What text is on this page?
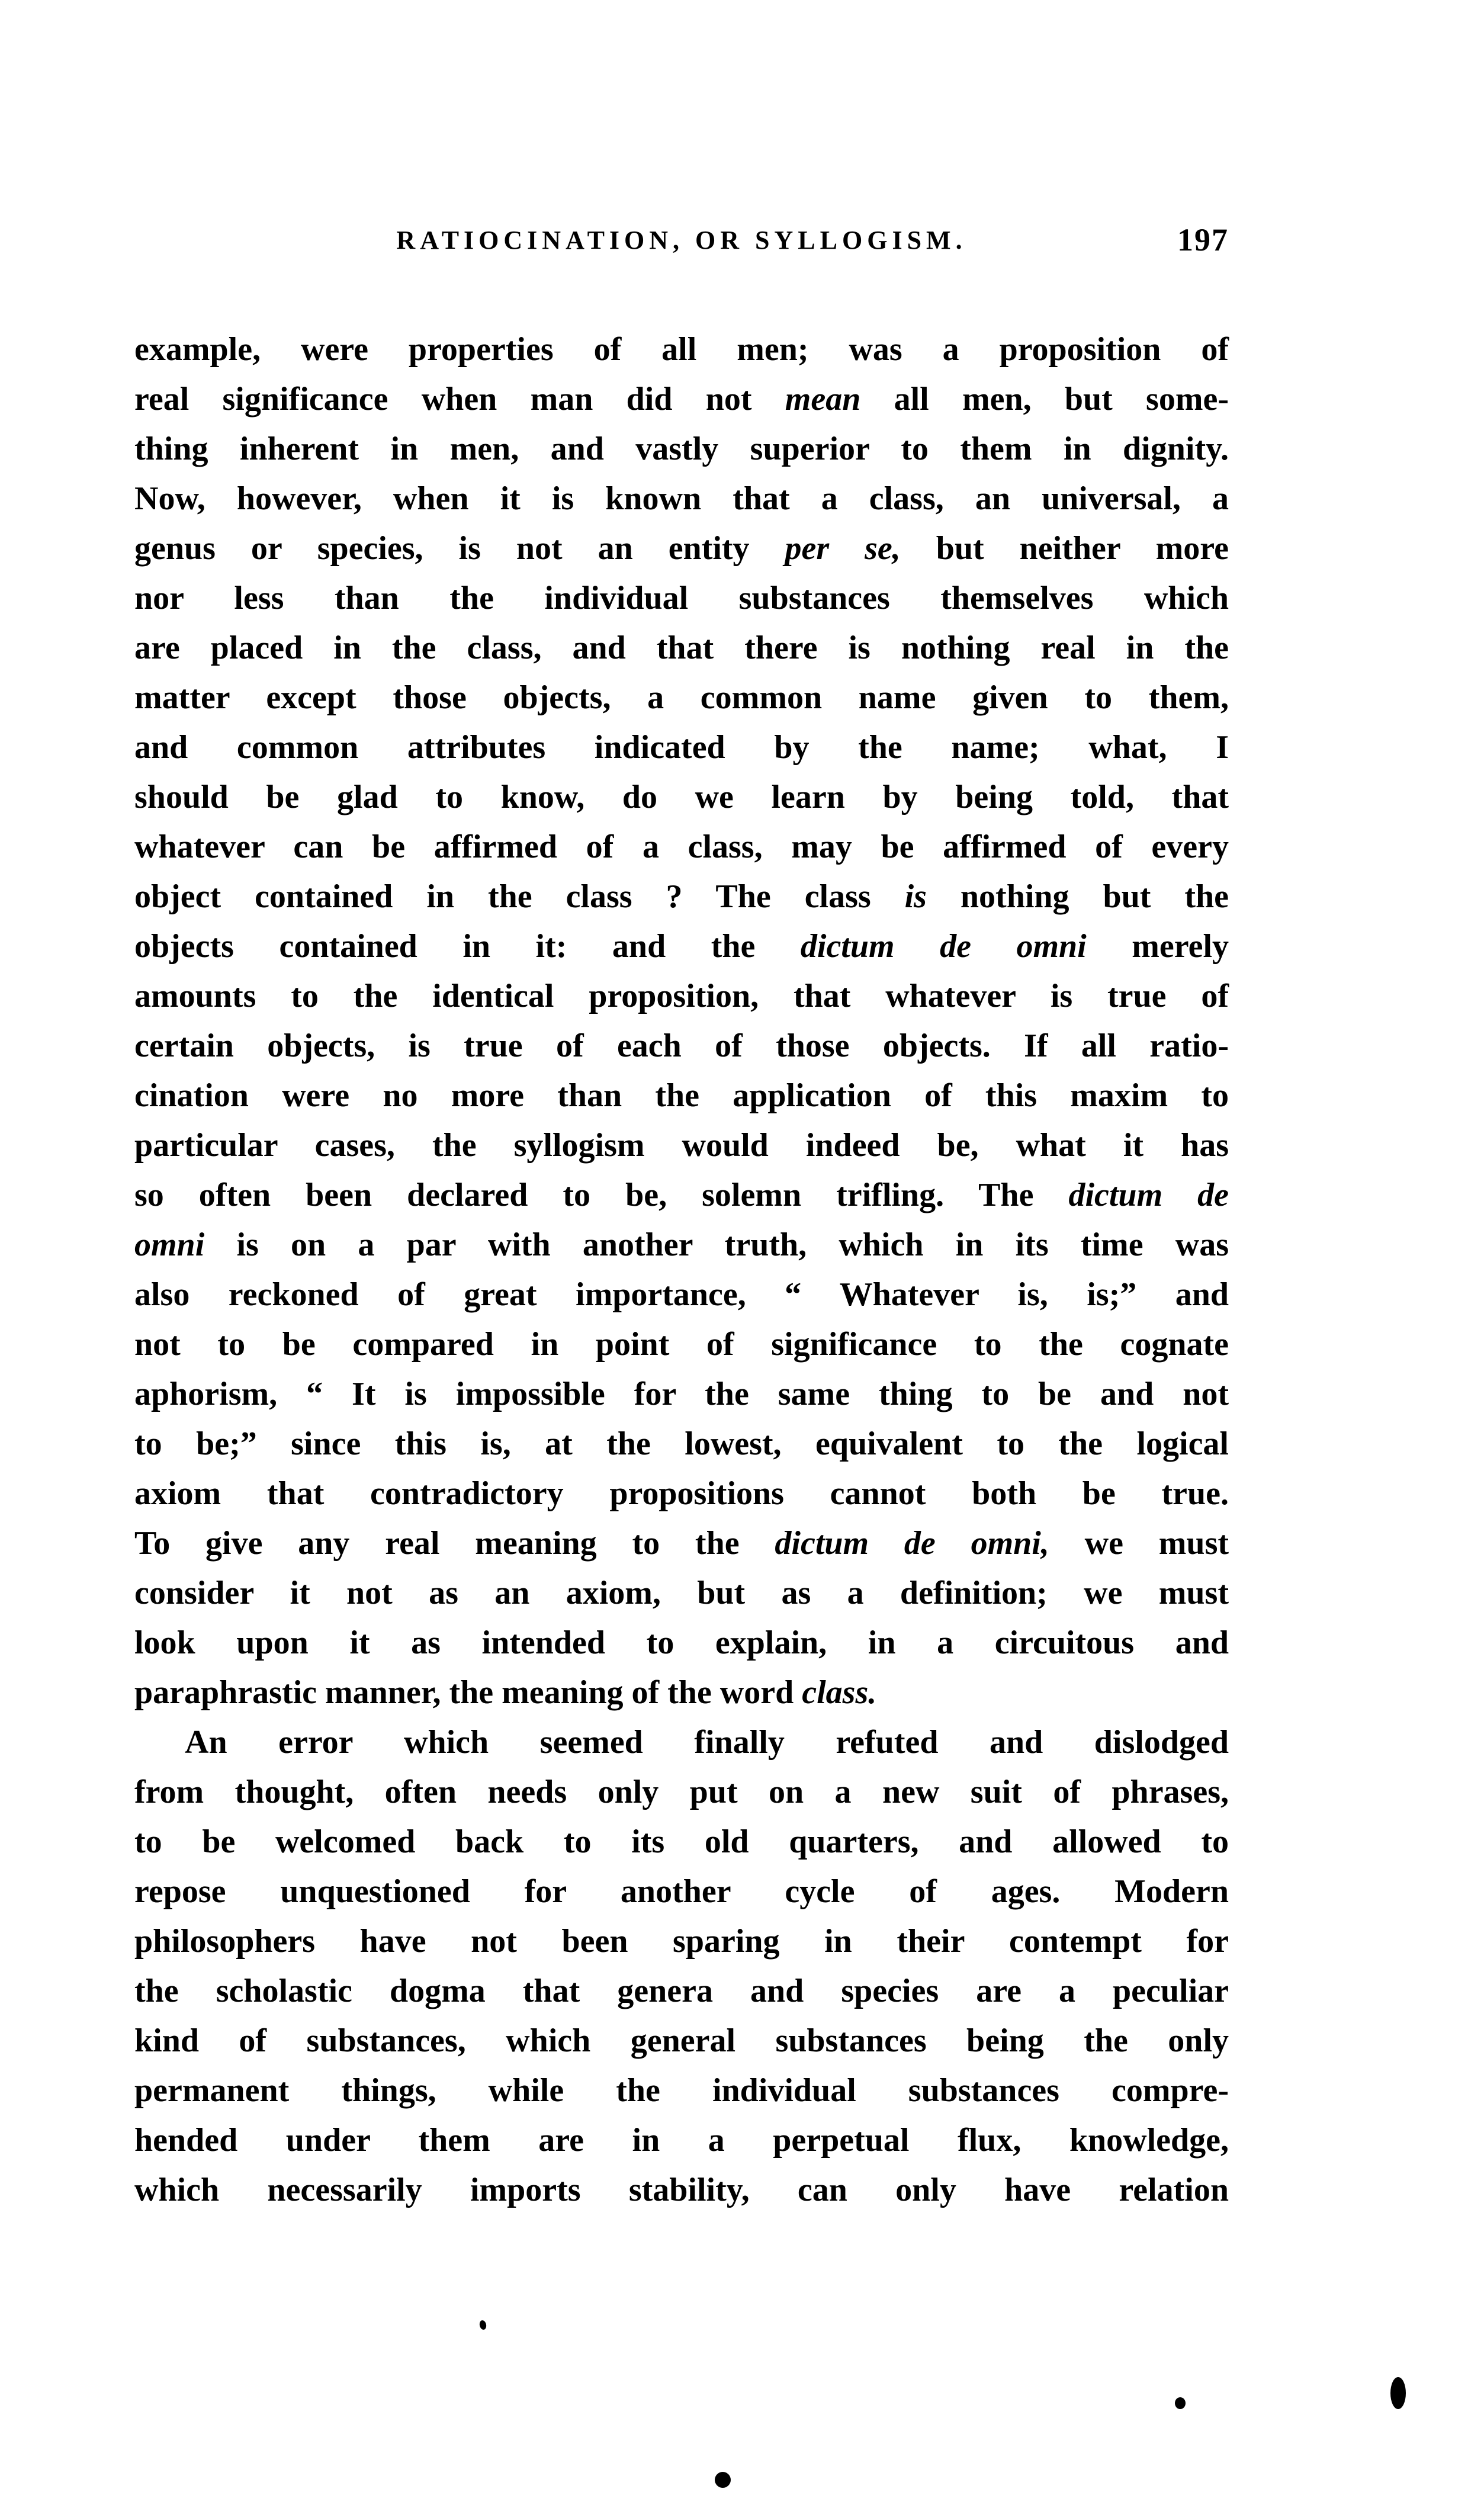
RATIOCINATION, OR SYLLOGISM.	197
example, were properties of all men; was a proposition of
real significance when man did not mean all men, but some-
thing inherent in men, and vastly superior to them in dignity.
Now, however, when it is known that a class, an universal, a
genus or species, is not an entity per se, but neither more
nor less than the individual substances themselves which
are placed in the class, and that there is nothing real in the
matter except those objects, a common name given to them,
and common attributes indicated by the name; what, I
should be glad to know, do we learn by being told, that
whatever can be affirmed of a class, may be affirmed of every
object contained in the class ? The class is nothing but the
objects contained in it: and the dictum de omni merely
amounts to the identical proposition, that whatever is true of
certain objects, is true of each of those objects. If all ratio-
cination were no more than the application of this maxim to
particular cases, the syllogism would indeed be, what it has
so often been declared to be, solemn trifling. The dictum de
omni is on a par with another truth, which in its time was
also reckoned of great importance, “ Whatever is, is;” and
not to be compared in point of significance to the cognate
aphorism, “ It is impossible for the same thing to be and not
to be;” since this is, at the lowest, equivalent to the logical
axiom that contradictory propositions cannot both be true.
To give any real meaning to the dictum de omni, we must
consider it not as an axiom, but as a definition; we must
look upon it as intended to explain, in a circuitous and
paraphrastic manner, the meaning of the word class.
An error which seemed finally refuted and dislodged
from thought, often needs only put on a new suit of phrases,
to be welcomed back to its old quarters, and allowed to
repose unquestioned for another cycle of ages. Modern
philosophers have not been sparing in their contempt for
the scholastic dogma that genera and species are a peculiar
kind of substances, which general substances being the only
permanent things, while the individual substances compre-
hended under them are in a perpetual flux, knowledge,
which necessarily imports stability, can only have relation
